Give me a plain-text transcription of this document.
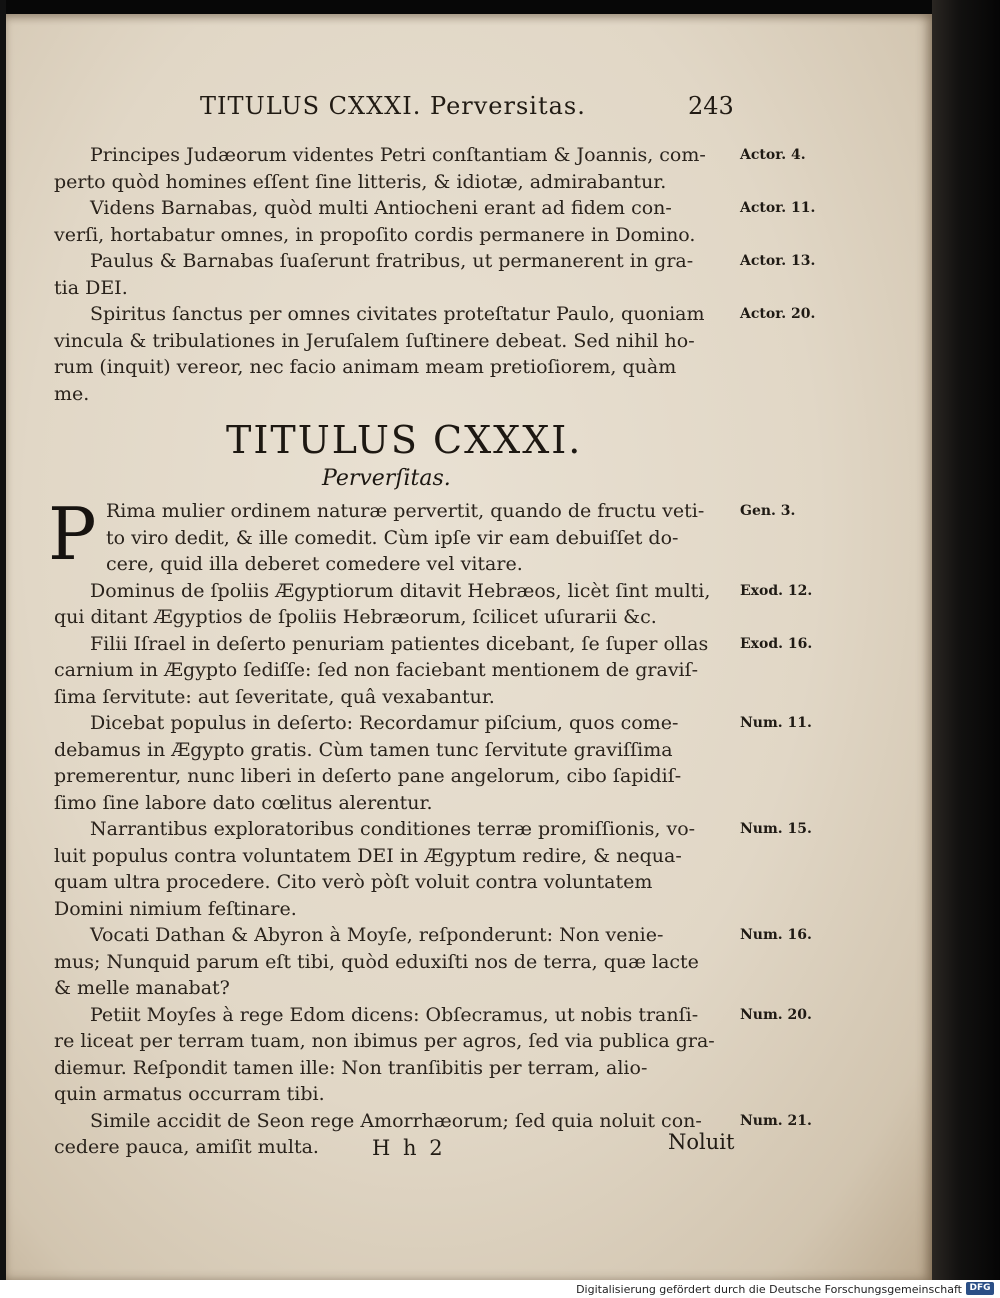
TITULUS CXXXI. Perversitas.	243
TITULUS CXXXI.
Perverſitas.
P
Principes Judæorum videntes Petri conſtantiam & Joannis, com- Actor. 4.
perto quòd homines eſſent ſine litteris, & idiotæ, admirabantur.
Videns Barnabas, quòd multi Antiocheni erant ad fidem con-	Actor. 11.
verſi, hortabatur omnes, in propoſito cordis permanere in Domino.
Paulus & Barnabas ſuaſerunt fratribus, ut permanerent in gra-	Actor. 13.
tia DEI.
Spiritus ſanctus per omnes civitates proteſtatur Paulo, quoniam	Actor. 20.
vincula & tribulationes in Jeruſalem ſuſtinere debeat. Sed nihil ho-
rum (inquit) vereor, nec facio animam meam pretioſiorem, quàm
me.
Rima mulier ordinem naturæ pervertit, quando de fructu veti-	Gen. 3.
to viro dedit, & ille comedit. Cùm ipſe vir eam debuiſſet do-
cere, quid illa deberet comedere vel vitare.
Dominus de ſpoliis Ægyptiorum ditavit Hebræos, licèt ſint multi, Exod. 12.
qui ditant Ægyptios de ſpoliis Hebræorum, ſcilicet uſurarii &c.
Filii Iſrael in deſerto penuriam patientes dicebant, ſe ſuper ollas Exod. 16.
carnium in Ægypto ſediſſe: ſed non faciebant mentionem de graviſ-
ſima ſervitute: aut ſeveritate, quâ vexabantur.
Dicebat populus in deſerto: Recordamur piſcium, quos come-	Num. 11.
debamus in Ægypto gratis. Cùm tamen tunc ſervitute graviſſima
premerentur, nunc liberi in deſerto pane angelorum, cibo ſapidiſ-
ſimo ſine labore dato cœlitus alerentur.
Narrantibus exploratoribus conditiones terræ promiſſionis, vo-	Num. 15.
luit populus contra voluntatem DEI in Ægyptum redire, & nequa-
quam ultra procedere. Cito verò pòſt voluit contra voluntatem
Domini nimium feſtinare.
Vocati Dathan & Abyron à Moyſe, reſponderunt: Non venie-	Num. 16.
mus; Nunquid parum eſt tibi, quòd eduxiſti nos de terra, quæ lacte
& melle manabat?
Petiit Moyſes à rege Edom dicens: Obſecramus, ut nobis tranſi-	Num. 20.
re liceat per terram tuam, non ibimus per agros, ſed via publica gra-
diemur. Reſpondit tamen ille: Non tranſibitis per terram, alio-
quin armatus occurram tibi.
Simile accidit de Seon rege Amorrhæorum; ſed quia noluit con-	Num. 21.
cedere pauca, amiſit multa.	H h 2	Noluit
Digitalisierung gefördert durch die Deutsche Forschungsgemeinschaft DFG
